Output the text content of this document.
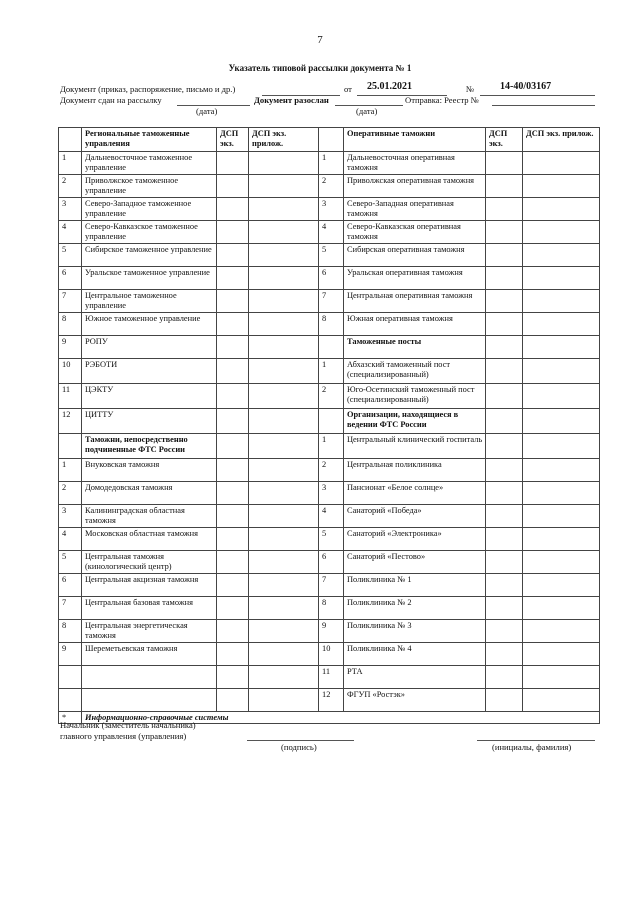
7
Указатель типовой рассылки документа № 1
Документ (приказ, распоряжение, письмо и др.)	от 25.01.2021	№	14-40/03167
Документ сдан на рассылку	Документ разослан	Отправка: Реестр №
(дата)	(дата)
	Региональные таможенные управления	ДСП экз.	ДСП экз. прилож.		Оперативные таможни	ДСП экз.	ДСП экз. прилож.
1	Дальневосточное таможенное управление			1	Дальневосточная оперативная таможня		
2	Приволжское таможенное управление			2	Приволжская оперативная таможня		
3	Северо-Западное таможенное управление			3	Северо-Западная оперативная таможня		
4	Северо-Кавказское таможенное управление			4	Северо-Кавказская оперативная таможня		
5	Сибирское таможенное управление			5	Сибирская оперативная таможня		
6	Уральское таможенное управление			6	Уральская оперативная таможня		
7	Центральное таможенное управление			7	Центральная оперативная таможня		
8	Южное таможенное управление			8	Южная оперативная таможня		
9	РОПУ				Таможенные посты		
10	РЭБОТИ			1	Абхазский таможенный пост (специализированный)		
11	ЦЭКТУ			2	Юго-Осетинский таможенный пост (специализированный)		
12	ЦИТТУ				Организации, находящиеся в ведении ФТС России		
	Таможни, непосредственно подчиненные ФТС России			1	Центральный клинический госпиталь		
1	Внуковская таможня			2	Центральная поликлиника		
2	Домодедовская таможня			3	Пансионат «Белое солнце»		
3	Калининградская областная таможня			4	Санаторий «Победа»		
4	Московская областная таможня			5	Санаторий «Электроника»		
5	Центральная таможня (кинологический центр)			6	Санаторий «Пестово»		
6	Центральная акцизная таможня			7	Поликлиника № 1		
7	Центральная базовая таможня			8	Поликлиника № 2		
8	Центральная энергетическая таможня			9	Поликлиника № 3		
9	Шереметьевская таможня			10	Поликлиника № 4		
				11	РТА		
				12	ФГУП «Ростэк»		
*	Информационно-справочные системы						
Начальник (заместитель начальника)
главного управления (управления)
(подпись)	(инициалы, фамилия)
